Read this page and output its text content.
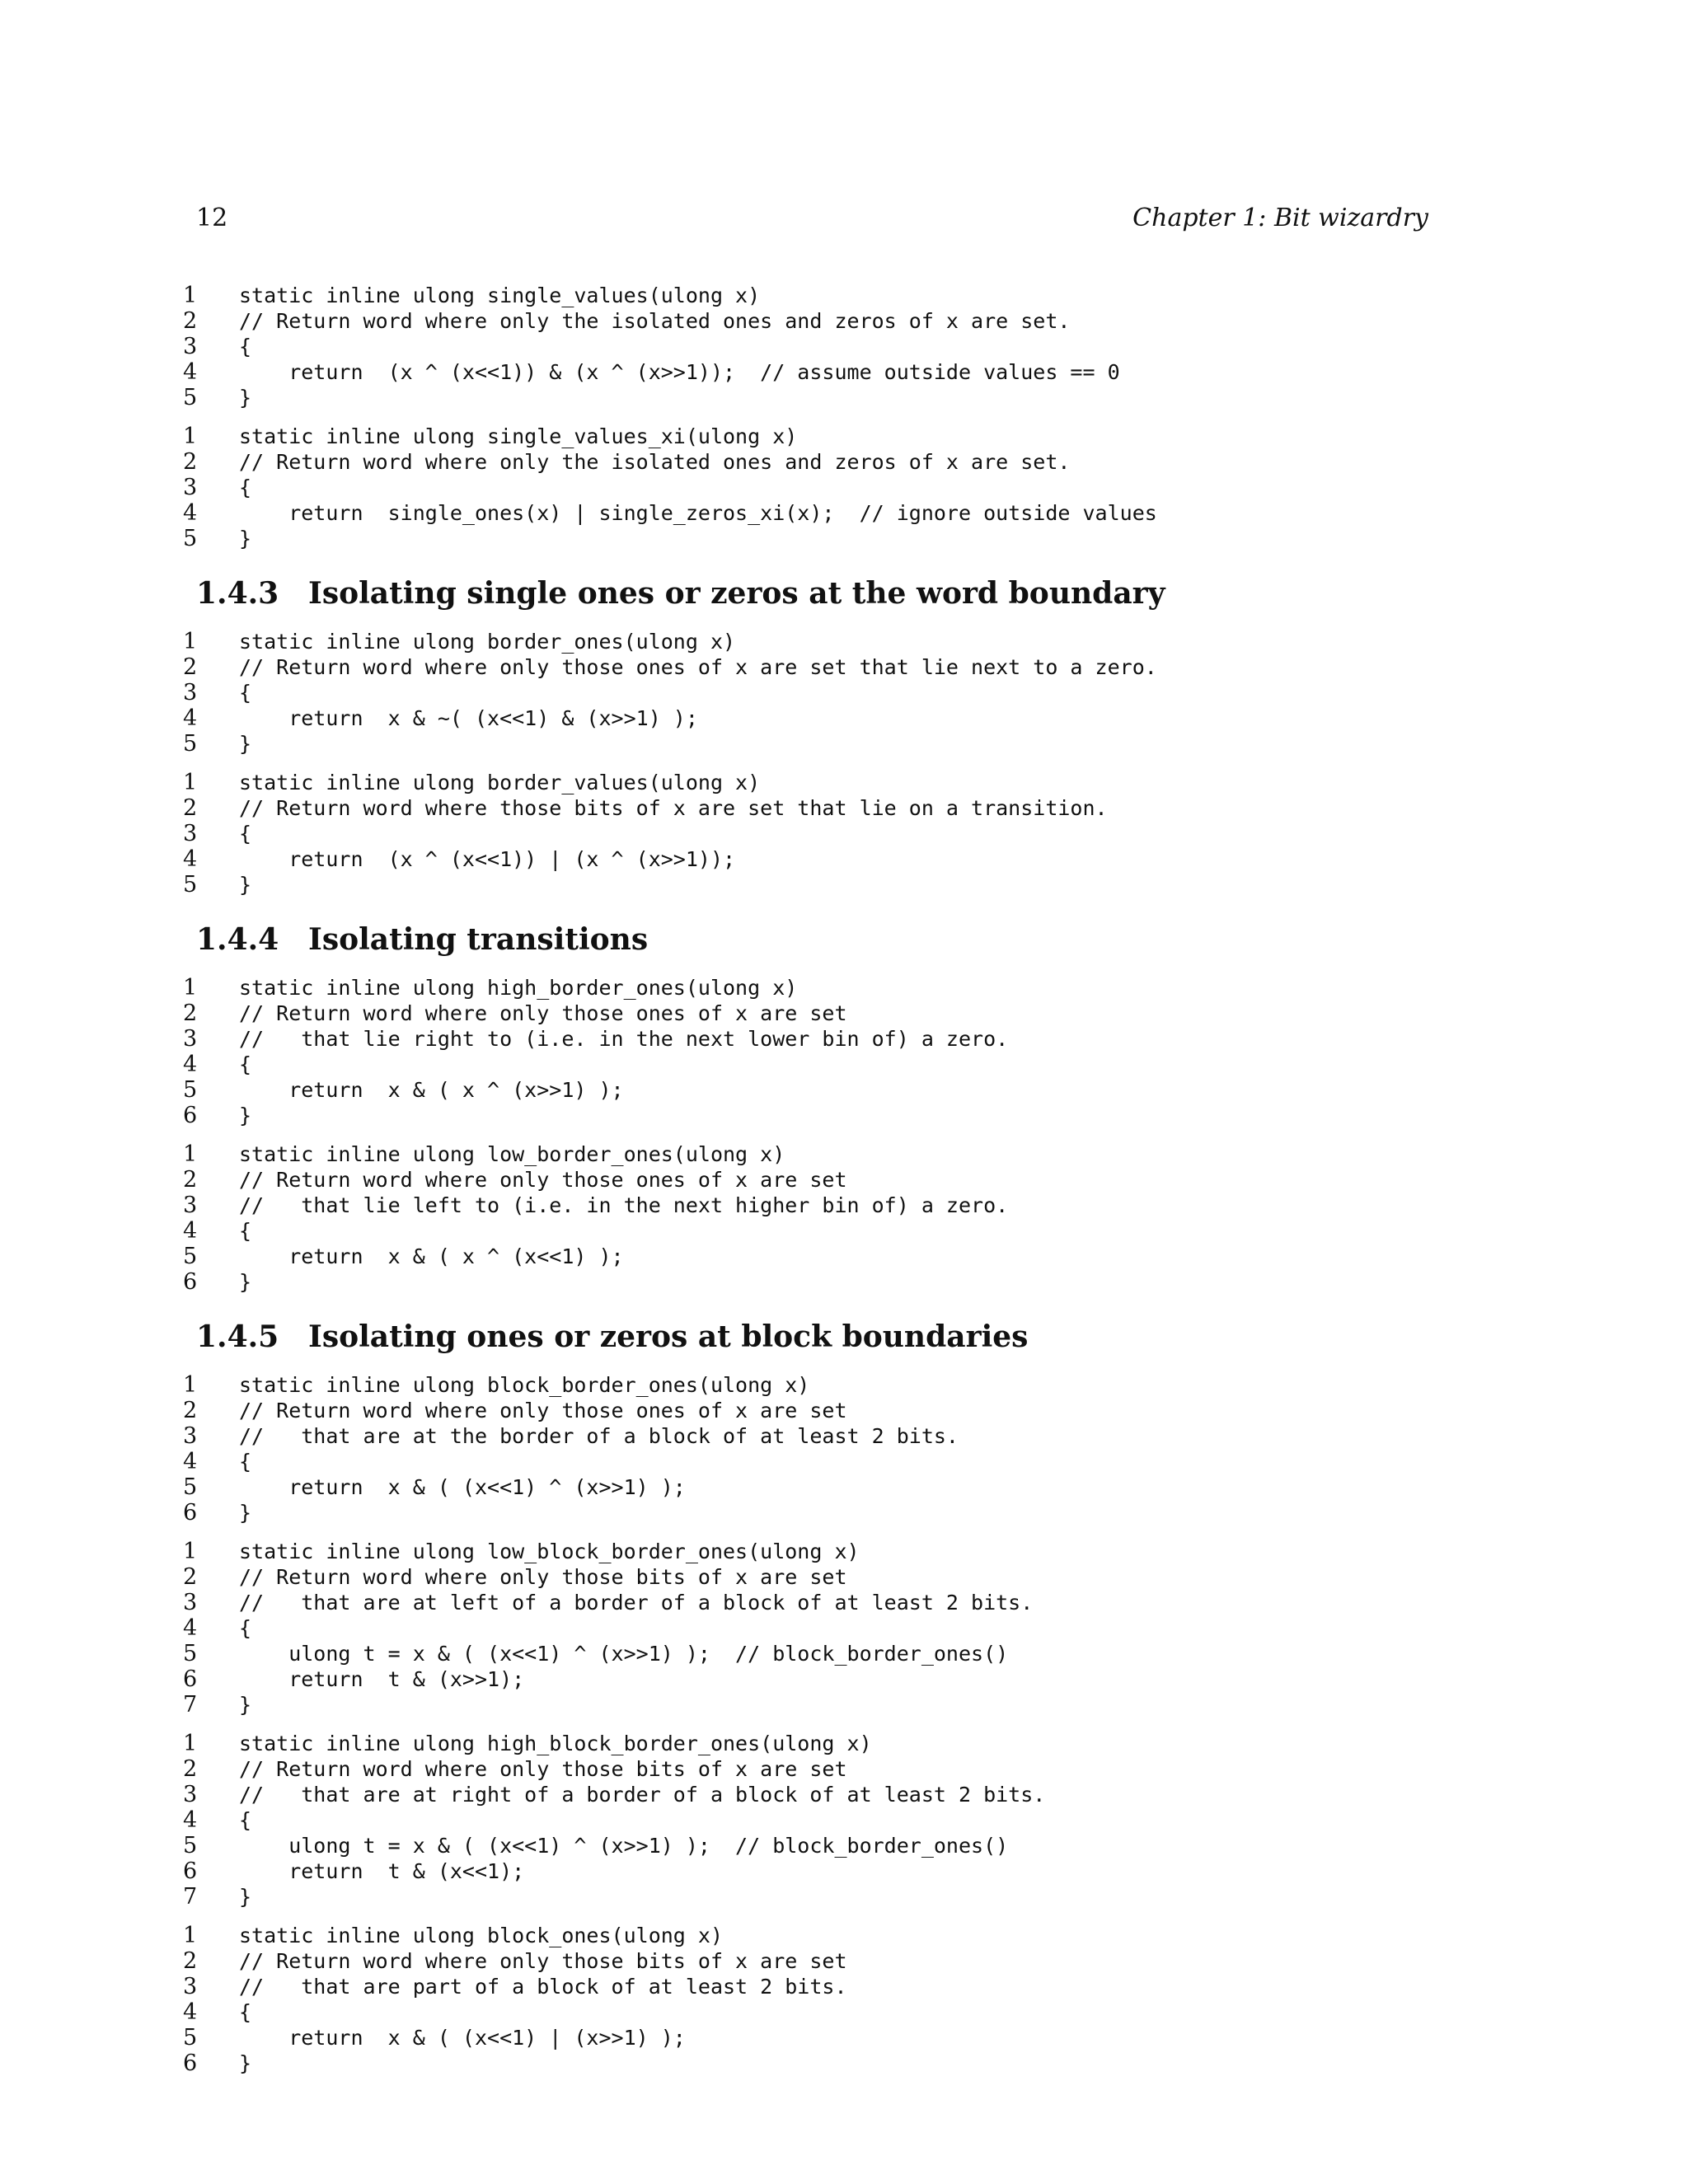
12	Chapter 1: Bit wizardry
1	static inline ulong single_values(ulong x)
2	// Return word where only the isolated ones and zeros of x are set.
3	{
4	return  (x ^ (x<<1)) & (x ^ (x>>1));  // assume outside values == 0
5	}
1	static inline ulong single_values_xi(ulong x)
2	// Return word where only the isolated ones and zeros of x are set.
3	{
4	return  single_ones(x) | single_zeros_xi(x);  // ignore outside values
5	}
1.4.3 Isolating single ones or zeros at the word boundary
1	static inline ulong border_ones(ulong x)
2	// Return word where only those ones of x are set that lie next to a zero.
3	{
4	return  x & ~( (x<<1) & (x>>1) );
5	}
1	static inline ulong border_values(ulong x)
2	// Return word where those bits of x are set that lie on a transition.
3	{
4	return  (x ^ (x<<1)) | (x ^ (x>>1));
5	}
1.4.4 Isolating transitions
1	static inline ulong high_border_ones(ulong x)
2	// Return word where only those ones of x are set
3	//   that lie right to (i.e. in the next lower bin of) a zero.
4	{
5	return  x & ( x ^ (x>>1) );
6	}
1	static inline ulong low_border_ones(ulong x)
2	// Return word where only those ones of x are set
3	//   that lie left to (i.e. in the next higher bin of) a zero.
4	{
5	return  x & ( x ^ (x<<1) );
6	}
1.4.5 Isolating ones or zeros at block boundaries
1	static inline ulong block_border_ones(ulong x)
2	// Return word where only those ones of x are set
3	//   that are at the border of a block of at least 2 bits.
4	{
5	return  x & ( (x<<1) ^ (x>>1) );
6	}
1	static inline ulong low_block_border_ones(ulong x)
2	// Return word where only those bits of x are set
3	//   that are at left of a border of a block of at least 2 bits.
4	{
5	ulong t = x & ( (x<<1) ^ (x>>1) );  // block_border_ones()
6	return  t & (x>>1);
7	}
1	static inline ulong high_block_border_ones(ulong x)
2	// Return word where only those bits of x are set
3	//   that are at right of a border of a block of at least 2 bits.
4	{
5	ulong t = x & ( (x<<1) ^ (x>>1) );  // block_border_ones()
6	return  t & (x<<1);
7	}
1	static inline ulong block_ones(ulong x)
2	// Return word where only those bits of x are set
3	//   that are part of a block of at least 2 bits.
4	{
5	return  x & ( (x<<1) | (x>>1) );
6	}
